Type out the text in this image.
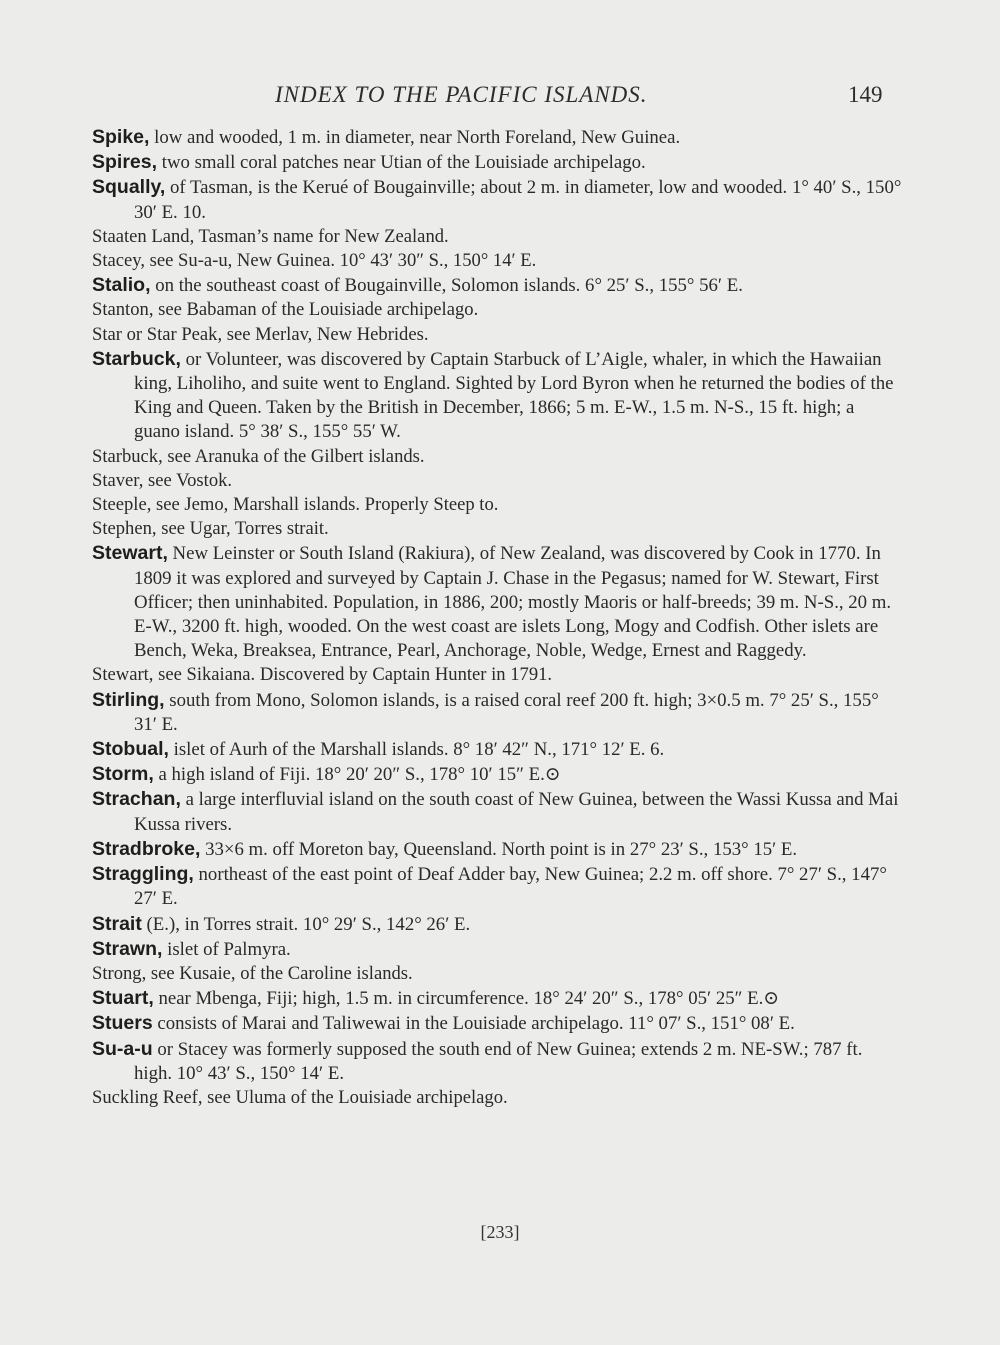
INDEX TO THE PACIFIC ISLANDS.	149

Spike, low and wooded, 1 m. in diameter, near North Foreland, New Guinea.

Spires, two small coral patches near Utian of the Louisiade archipelago.

Squally, of Tasman, is the Kerué of Bougainville; about 2 m. in diameter, low and wooded. 1° 40′ S., 150° 30′ E. 10.

Staaten Land, Tasman’s name for New Zealand.

Stacey, see Su-a-u, New Guinea. 10° 43′ 30″ S., 150° 14′ E.

Stalio, on the southeast coast of Bougainville, Solomon islands. 6° 25′ S., 155° 56′ E.

Stanton, see Babaman of the Louisiade archipelago.

Star or Star Peak, see Merlav, New Hebrides.

Starbuck, or Volunteer, was discovered by Captain Starbuck of L’Aigle, whaler, in which the Hawaiian king, Liholiho, and suite went to England. Sighted by Lord Byron when he returned the bodies of the King and Queen. Taken by the British in December, 1866; 5 m. E-W., 1.5 m. N-S., 15 ft. high; a guano island. 5° 38′ S., 155° 55′ W.

Starbuck, see Aranuka of the Gilbert islands.

Staver, see Vostok.

Steeple, see Jemo, Marshall islands. Properly Steep to.

Stephen, see Ugar, Torres strait.

Stewart, New Leinster or South Island (Rakiura), of New Zealand, was discovered by Cook in 1770. In 1809 it was explored and surveyed by Captain J. Chase in the Pegasus; named for W. Stewart, First Officer; then uninhabited. Population, in 1886, 200; mostly Maoris or half-breeds; 39 m. N-S., 20 m. E-W., 3200 ft. high, wooded. On the west coast are islets Long, Mogy and Codfish. Other islets are Bench, Weka, Breaksea, Entrance, Pearl, Anchorage, Noble, Wedge, Ernest and Raggedy.

Stewart, see Sikaiana. Discovered by Captain Hunter in 1791.

Stirling, south from Mono, Solomon islands, is a raised coral reef 200 ft. high; 3×0.5 m. 7° 25′ S., 155° 31′ E.

Stobual, islet of Aurh of the Marshall islands. 8° 18′ 42″ N., 171° 12′ E. 6.

Storm, a high island of Fiji. 18° 20′ 20″ S., 178° 10′ 15″ E.⊙

Strachan, a large interfluvial island on the south coast of New Guinea, between the Wassi Kussa and Mai Kussa rivers.

Stradbroke, 33×6 m. off Moreton bay, Queensland. North point is in 27° 23′ S., 153° 15′ E.

Straggling, northeast of the east point of Deaf Adder bay, New Guinea; 2.2 m. off shore. 7° 27′ S., 147° 27′ E.

Strait (E.), in Torres strait. 10° 29′ S., 142° 26′ E.

Strawn, islet of Palmyra.

Strong, see Kusaie, of the Caroline islands.

Stuart, near Mbenga, Fiji; high, 1.5 m. in circumference. 18° 24′ 20″ S., 178° 05′ 25″ E.⊙

Stuers consists of Marai and Taliwewai in the Louisiade archipelago. 11° 07′ S., 151° 08′ E.

Su-a-u or Stacey was formerly supposed the south end of New Guinea; extends 2 m. NE-SW.; 787 ft. high. 10° 43′ S., 150° 14′ E.

Suckling Reef, see Uluma of the Louisiade archipelago.

[233]
